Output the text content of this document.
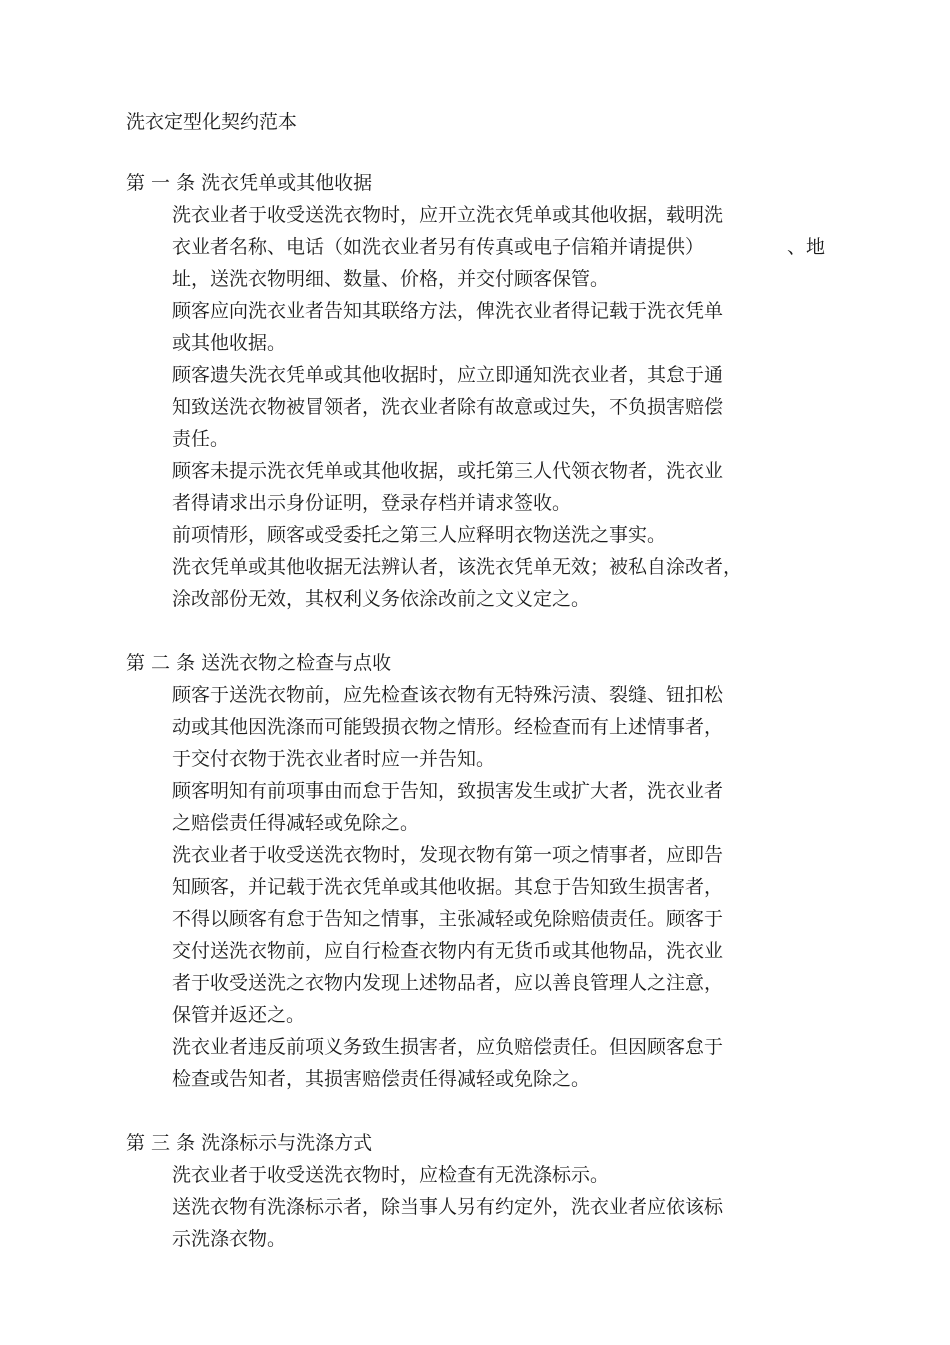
洗衣定型化契约范本
第 一 条 洗衣凭单或其他收据
洗衣业者于收受送洗衣物时，应开立洗衣凭单或其他收据，载明洗
衣业者名称、电话（如洗衣业者另有传真或电子信箱并请提供）
址，送洗衣物明细、数量、价格，并交付顾客保管。
顾客应向洗衣业者告知其联络方法，俾洗衣业者得记载于洗衣凭单
或其他收据。
顾客遗失洗衣凭单或其他收据时，应立即通知洗衣业者，其怠于通
知致送洗衣物被冒领者，洗衣业者除有故意或过失，不负损害赔偿
责任。
顾客未提示洗衣凭单或其他收据，或托第三人代领衣物者，洗衣业
者得请求出示身份证明，登录存档并请求签收。
前项情形，顾客或受委托之第三人应释明衣物送洗之事实。
洗衣凭单或其他收据无法辨认者，该洗衣凭单无效；被私自涂改者，
涂改部份无效，其权利义务依涂改前之文义定之。
、地
第 二 条 送洗衣物之检查与点收
顾客于送洗衣物前，应先检查该衣物有无特殊污渍、裂缝、钮扣松
动或其他因洗涤而可能毁损衣物之情形。经检查而有上述情事者，
于交付衣物于洗衣业者时应一并告知。
顾客明知有前项事由而怠于告知，致损害发生或扩大者，洗衣业者
之赔偿责任得减轻或免除之。
洗衣业者于收受送洗衣物时，发现衣物有第一项之情事者，应即告
知顾客，并记载于洗衣凭单或其他收据。其怠于告知致生损害者，
不得以顾客有怠于告知之情事，主张减轻或免除赔债责任。顾客于
交付送洗衣物前，应自行检查衣物内有无货币或其他物品，洗衣业
者于收受送洗之衣物内发现上述物品者，应以善良管理人之注意，
保管并返还之。
洗衣业者违反前项义务致生损害者，应负赔偿责任。但因顾客怠于
检查或告知者，其损害赔偿责任得减轻或免除之。
第 三 条 洗涤标示与洗涤方式
洗衣业者于收受送洗衣物时，应检查有无洗涤标示。
送洗衣物有洗涤标示者，除当事人另有约定外，洗衣业者应依该标
示洗涤衣物。
